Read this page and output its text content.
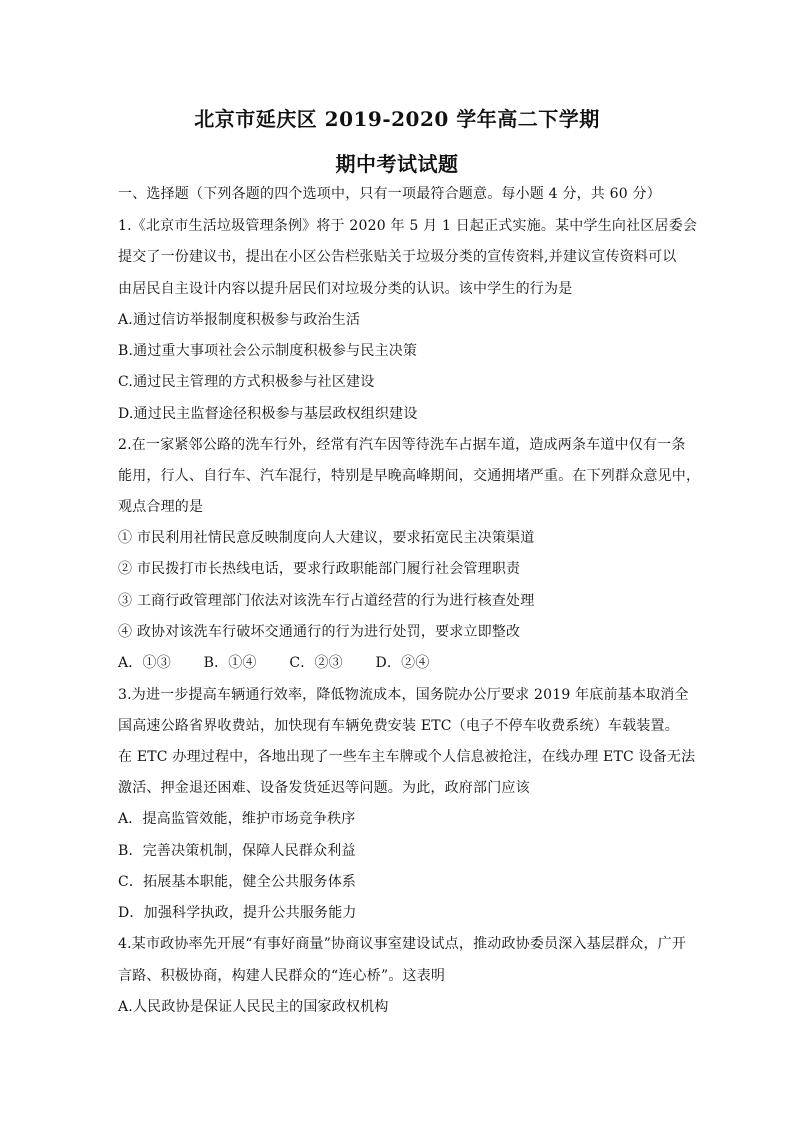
北京市延庆区 2019-2020 学年高二下学期
期中考试试题
一、选择题（下列各题的四个选项中，只有一项最符合题意。每小题 4 分，共 60 分）
1.《北京市生活垃圾管理条例》将于 2020 年 5 月 1 日起正式实施。某中学生向社区居委会
提交了一份建议书，提出在小区公告栏张贴关于垃圾分类的宣传资料,并建议宣传资料可以
由居民自主设计内容以提升居民们对垃圾分类的认识。该中学生的行为是
A.通过信访举报制度积极参与政治生活
B.通过重大事项社会公示制度积极参与民主决策
C.通过民主管理的方式积极参与社区建设
D.通过民主监督途径积极参与基层政权组织建设
2.在一家紧邻公路的洗车行外，经常有汽车因等待洗车占据车道，造成两条车道中仅有一条
能用，行人、自行车、汽车混行，特别是早晚高峰期间，交通拥堵严重。在下列群众意见中，
观点合理的是
① 市民利用社情民意反映制度向人大建议，要求拓宽民主决策渠道
② 市民拨打市长热线电话，要求行政职能部门履行社会管理职责
③ 工商行政管理部门依法对该洗车行占道经营的行为进行核查处理
④ 政协对该洗车行破坏交通通行的行为进行处罚，要求立即整改
A．①③ B．①④ C．②③ D．②④
3.为进一步提高车辆通行效率，降低物流成本，国务院办公厅要求 2019 年底前基本取消全
国高速公路省界收费站，加快现有车辆免费安装 ETC（电子不停车收费系统）车载装置。
在 ETC 办理过程中，各地出现了一些车主车牌或个人信息被抢注，在线办理 ETC 设备无法
激活、押金退还困难、设备发货延迟等问题。为此，政府部门应该
A．提高监管效能，维护市场竞争秩序
B．完善决策机制，保障人民群众利益
C．拓展基本职能，健全公共服务体系
D．加强科学执政，提升公共服务能力
4.某市政协率先开展“有事好商量”协商议事室建设试点，推动政协委员深入基层群众，广开
言路、积极协商，构建人民群众的“连心桥”。这表明
A.人民政协是保证人民民主的国家政权机构
